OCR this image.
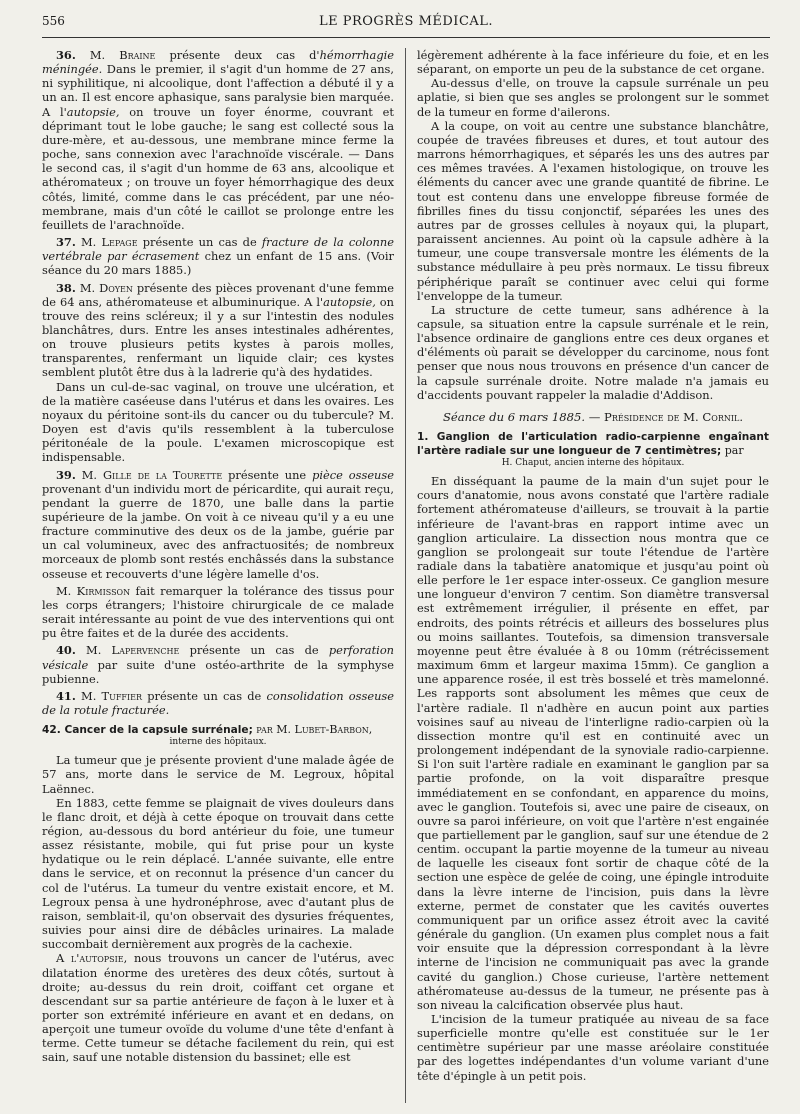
556	LE PROGRÈS MÉDICAL.

36. M. Braine présente deux cas d'hémorrhagie méningée. Dans le premier, il s'agit d'un homme de 27 ans, ni syphilitique, ni alcoolique, dont l'affection a débuté il y a un an. Il est encore aphasique, sans paralysie bien marquée. A l'autopsie, on trouve un foyer énorme, couvrant et déprimant tout le lobe gauche; le sang est collecté sous la dure-mère, et au-dessous, une membrane mince ferme la poche, sans connexion avec l'arachnoïde viscérale. — Dans le second cas, il s'agit d'un homme de 63 ans, alcoolique et athéromateux ; on trouve un foyer hémorrhagique des deux côtés, limité, comme dans le cas précédent, par une néo-membrane, mais d'un côté le caillot se prolonge entre les feuillets de l'arachnoïde.

37. M. Lepage présente un cas de fracture de la colonne vertébrale par écrasement chez un enfant de 15 ans. (Voir séance du 20 mars 1885.)

38. M. Doyen présente des pièces provenant d'une femme de 64 ans, athéromateuse et albuminurique. A l'autopsie, on trouve des reins scléreux; il y a sur l'intestin des nodules blanchâtres, durs. Entre les anses intestinales adhérentes, on trouve plusieurs petits kystes à parois molles, transparentes, renfermant un liquide clair; ces kystes semblent plutôt être dus à la ladrerie qu'à des hydatides.

Dans un cul-de-sac vaginal, on trouve une ulcération, et de la matière caséeuse dans l'utérus et dans les ovaires. Les noyaux du péritoine sont-ils du cancer ou du tubercule? M. Doyen est d'avis qu'ils ressemblent à la tuberculose péritonéale de la poule. L'examen microscopique est indispensable.

39. M. Gille de la Tourette présente une pièce osseuse provenant d'un individu mort de péricardite, qui aurait reçu, pendant la guerre de 1870, une balle dans la partie supérieure de la jambe. On voit à ce niveau qu'il y a eu une fracture comminutive des deux os de la jambe, guérie par un cal volumineux, avec des anfractuosités; de nombreux morceaux de plomb sont restés enchâssés dans la substance osseuse et recouverts d'une légère lamelle d'os.

M. Kirmisson fait remarquer la tolérance des tissus pour les corps étrangers; l'histoire chirurgicale de ce malade serait intéressante au point de vue des interventions qui ont pu être faites et de la durée des accidents.

40. M. Lapervenche présente un cas de perforation vésicale par suite d'une ostéo-arthrite de la symphyse pubienne.

41. M. Tuffier présente un cas de consolidation osseuse de la rotule fracturée.

42. Cancer de la capsule surrénale; par M. Lubet-Barbon,
interne des hôpitaux.

La tumeur que je présente provient d'une malade âgée de 57 ans, morte dans le service de M. Legroux, hôpital Laënnec.

En 1883, cette femme se plaignait de vives douleurs dans le flanc droit, et déjà à cette époque on trouvait dans cette région, au-dessous du bord antérieur du foie, une tumeur assez résistante, mobile, qui fut prise pour un kyste hydatique ou le rein déplacé. L'année suivante, elle entre dans le service, et on reconnut la présence d'un cancer du col de l'utérus. La tumeur du ventre existait encore, et M. Legroux pensa à une hydronéphrose, avec d'autant plus de raison, semblait-il, qu'on observait des dysuries fréquentes, suivies pour ainsi dire de débâcles urinaires. La malade succombait dernièrement aux progrès de la cachexie.

A l'autopsie, nous trouvons un cancer de l'utérus, avec dilatation énorme des uretères des deux côtés, surtout à droite; au-dessus du rein droit, coiffant cet organe et descendant sur sa partie antérieure de façon à le luxer et à porter son extrémité inférieure en avant et en dedans, on aperçoit une tumeur ovoïde du volume d'une tête d'enfant à terme. Cette tumeur se détache facilement du rein, qui est sain, sauf une notable distension du bassinet; elle est

légèrement adhérente à la face inférieure du foie, et en les séparant, on emporte un peu de la substance de cet organe.

Au-dessus d'elle, on trouve la capsule surrénale un peu aplatie, si bien que ses angles se prolongent sur le sommet de la tumeur en forme d'ailerons.

A la coupe, on voit au centre une substance blanchâtre, coupée de travées fibreuses et dures, et tout autour des marrons hémorrhagiques, et séparés les uns des autres par ces mêmes travées. A l'examen histologique, on trouve les éléments du cancer avec une grande quantité de fibrine. Le tout est contenu dans une enveloppe fibreuse formée de fibrilles fines du tissu conjonctif, séparées les unes des autres par de grosses cellules à noyaux qui, la plupart, paraissent anciennes. Au point où la capsule adhère à la tumeur, une coupe transversale montre les éléments de la substance médullaire à peu près normaux. Le tissu fibreux périphérique paraît se continuer avec celui qui forme l'enveloppe de la tumeur.

La structure de cette tumeur, sans adhérence à la capsule, sa situation entre la capsule surrénale et le rein, l'absence ordinaire de ganglions entre ces deux organes et d'éléments où parait se développer du carcinome, nous font penser que nous nous trouvons en présence d'un cancer de la capsule surrénale droite. Notre malade n'a jamais eu d'accidents pouvant rappeler la maladie d'Addison.

Séance du 6 mars 1885. — Présidence de M. Cornil.
1. Ganglion de l'articulation radio-carpienne engaînant l'artère radiale sur une longueur de 7 centimètres; par
H. Chaput, ancien interne des hôpitaux.

En disséquant la paume de la main d'un sujet pour le cours d'anatomie, nous avons constaté que l'artère radiale fortement athéromateuse d'ailleurs, se trouvait à la partie inférieure de l'avant-bras en rapport intime avec un ganglion articulaire. La dissection nous montra que ce ganglion se prolongeait sur toute l'étendue de l'artère radiale dans la tabatière anatomique et jusqu'au point où elle perfore le 1er espace inter-osseux. Ce ganglion mesure une longueur d'environ 7 centim. Son diamètre transversal est extrêmement irrégulier, il présente en effet, par endroits, des points rétrécis et ailleurs des bosselures plus ou moins saillantes. Toutefois, sa dimension transversale moyenne peut être évaluée à 8 ou 10mm (rétrécissement maximum 6mm et largeur maxima 15mm). Ce ganglion a une apparence rosée, il est très bosselé et très mamelonné. Les rapports sont absolument les mêmes que ceux de l'artère radiale. Il n'adhère en aucun point aux parties voisines sauf au niveau de l'interligne radio-carpien où la dissection montre qu'il est en continuité avec un prolongement indépendant de la synoviale radio-carpienne. Si l'on suit l'artère radiale en examinant le ganglion par sa partie profonde, on la voit disparaître presque immédiatement en se confondant, en apparence du moins, avec le ganglion. Toutefois si, avec une paire de ciseaux, on ouvre sa paroi inférieure, on voit que l'artère n'est engainée que partiellement par le ganglion, sauf sur une étendue de 2 centim. occupant la partie moyenne de la tumeur au niveau de laquelle les ciseaux font sortir de chaque côté de la section une espèce de gelée de coing, une épingle introduite dans la lèvre interne de l'incision, puis dans la lèvre externe, permet de constater que les cavités ouvertes communiquent par un orifice assez étroit avec la cavité générale du ganglion. (Un examen plus complet nous a fait voir ensuite que la dépression correspondant à la lèvre interne de l'incision ne communiquait pas avec la grande cavité du ganglion.) Chose curieuse, l'artère nettement athéromateuse au-dessus de la tumeur, ne présente pas à son niveau la calcification observée plus haut.

L'incision de la tumeur pratiquée au niveau de sa face superficielle montre qu'elle est constituée sur le 1er centimètre supérieur par une masse aréolaire constituée par des logettes indépendantes d'un volume variant d'une tête d'épingle à un petit pois.
